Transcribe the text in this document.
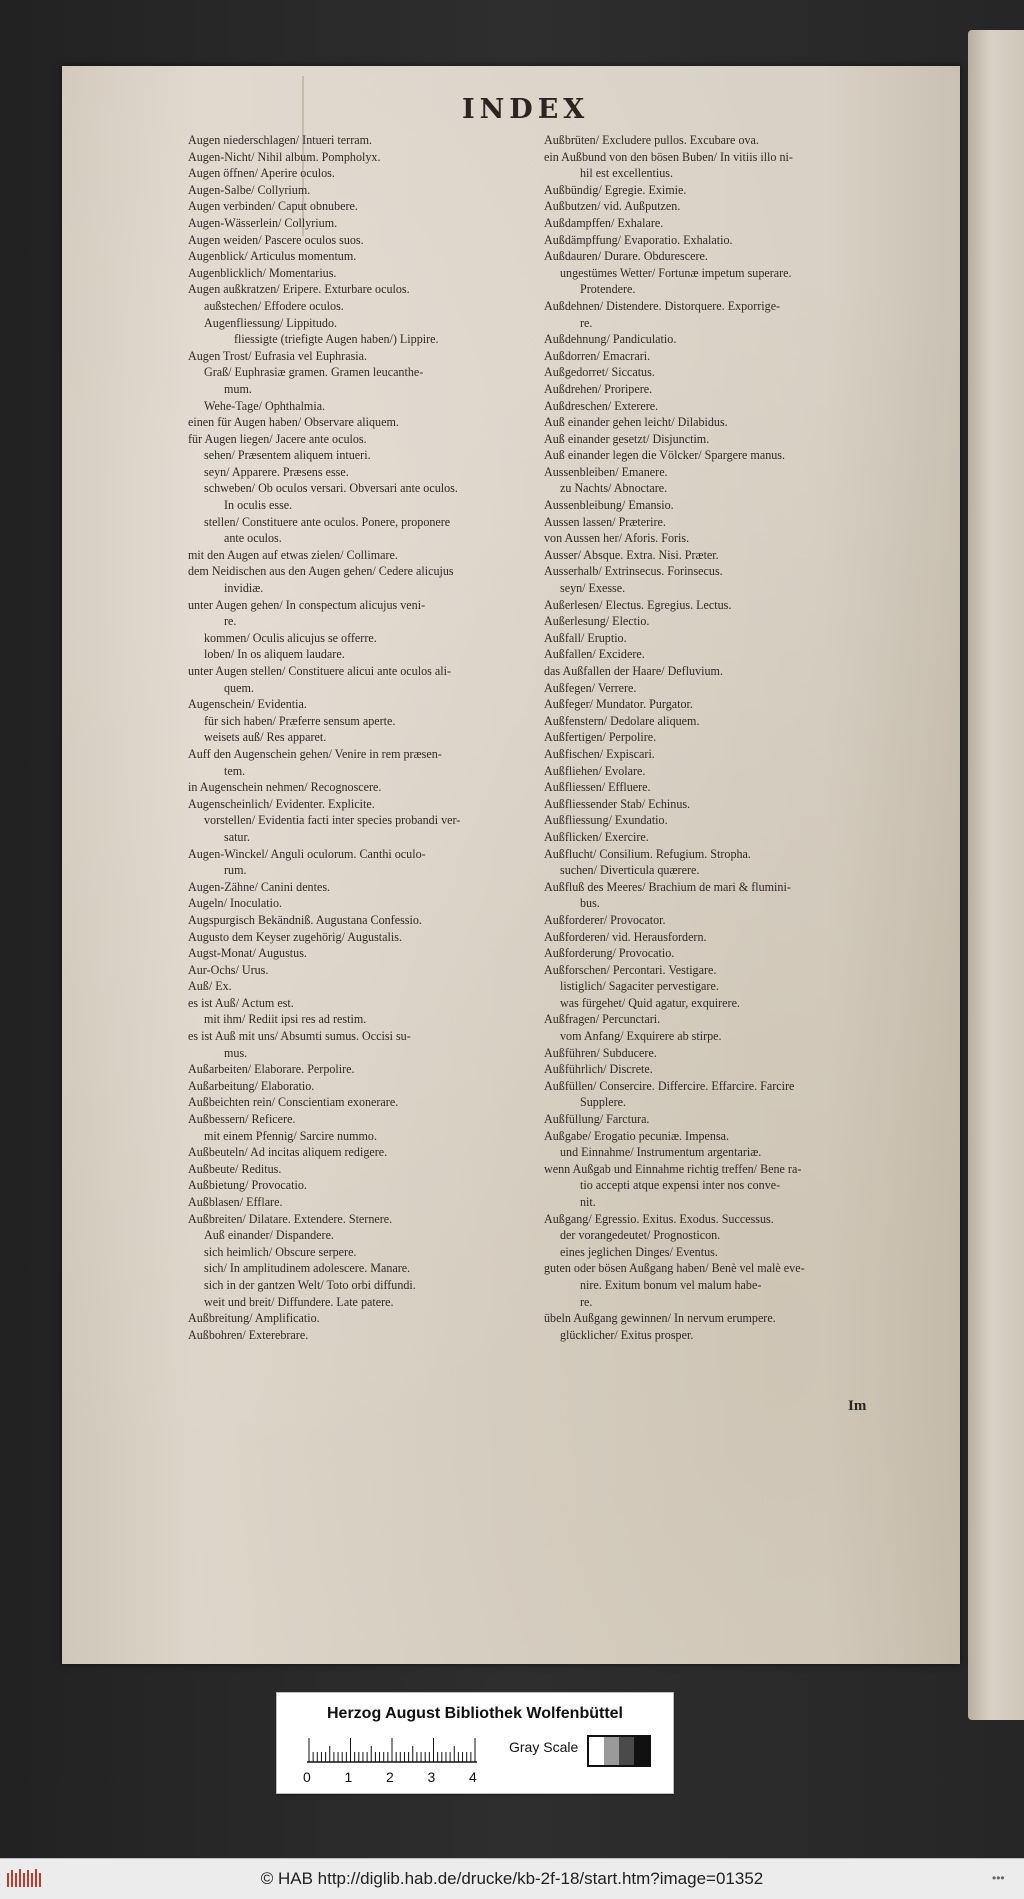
INDEX
Augen niederschlagen/ Intueri terram.
Augen-Nicht/ Nihil album. Pompholyx.
Augen öffnen/ Aperire oculos.
Augen-Salbe/ Collyrium.
Augen verbinden/ Caput obnubere.
Augen-Wässerlein/ Collyrium.
Augen weiden/ Pascere oculos suos.
Augenblick/ Articulus momentum.
Augenblicklich/ Momentarius.
Augen außkratzen/ Eripere. Exturbare oculos.
außstechen/ Effodere oculos.
Augenfliessung/ Lippitudo.
fliessigte (triefigte Augen haben/) Lippire.
Augen Trost/ Eufrasia vel Euphrasia.
Graß/ Euphrasiæ gramen. Gramen leucanthe-
mum.
Wehe-Tage/ Ophthalmia.
einen für Augen haben/ Observare aliquem.
für Augen liegen/ Jacere ante oculos.
sehen/ Præsentem aliquem intueri.
seyn/ Apparere. Præsens esse.
schweben/ Ob oculos versari. Obversari ante oculos.
In oculis esse.
stellen/ Constituere ante oculos. Ponere, proponere
ante oculos.
mit den Augen auf etwas zielen/ Collimare.
dem Neidischen aus den Augen gehen/ Cedere alicujus
invidiæ.
unter Augen gehen/ In conspectum alicujus veni-
re.
kommen/ Oculis alicujus se offerre.
loben/ In os aliquem laudare.
unter Augen stellen/ Constituere alicui ante oculos ali-
quem.
Augenschein/ Evidentia.
für sich haben/ Præferre sensum aperte.
weisets auß/ Res apparet.
Auff den Augenschein gehen/ Venire in rem præsen-
tem.
in Augenschein nehmen/ Recognoscere.
Augenscheinlich/ Evidenter. Explicite.
vorstellen/ Evidentia facti inter species probandi ver-
satur.
Augen-Winckel/ Anguli oculorum. Canthi oculo-
rum.
Augen-Zähne/ Canini dentes.
Augeln/ Inoculatio.
Augspurgisch Bekändniß. Augustana Confessio.
Augusto dem Keyser zugehörig/ Augustalis.
Augst-Monat/ Augustus.
Aur-Ochs/ Urus.
Auß/ Ex.
es ist Auß/ Actum est.
mit ihm/ Rediit ipsi res ad restim.
es ist Auß mit uns/ Absumti sumus. Occisi su-
mus.
Außarbeiten/ Elaborare. Perpolire.
Außarbeitung/ Elaboratio.
Außbeichten rein/ Conscientiam exonerare.
Außbessern/ Reficere.
mit einem Pfennig/ Sarcire nummo.
Außbeuteln/ Ad incitas aliquem redigere.
Außbeute/ Reditus.
Außbietung/ Provocatio.
Außblasen/ Efflare.
Außbreiten/ Dilatare. Extendere. Sternere.
Auß einander/ Dispandere.
sich heimlich/ Obscure serpere.
sich/ In amplitudinem adolescere. Manare.
sich in der gantzen Welt/ Toto orbi diffundi.
weit und breit/ Diffundere. Late patere.
Außbreitung/ Amplificatio.
Außbohren/ Exterebrare.
Außbrüten/ Excludere pullos. Excubare ova.
ein Außbund von den bösen Buben/ In vitiis illo ni-
hil est excellentius.
Außbündig/ Egregie. Eximie.
Außbutzen/ vid. Außputzen.
Außdampffen/ Exhalare.
Außdämpffung/ Evaporatio. Exhalatio.
Außdauren/ Durare. Obdurescere.
ungestümes Wetter/ Fortunæ impetum superare.
Protendere.
Außdehnen/ Distendere. Distorquere. Exporrige-
re.
Außdehnung/ Pandiculatio.
Außdorren/ Emacrari.
Außgedorret/ Siccatus.
Außdrehen/ Proripere.
Außdreschen/ Exterere.
Auß einander gehen leicht/ Dilabidus.
Auß einander gesetzt/ Disjunctim.
Auß einander legen die Völcker/ Spargere manus.
Aussenbleiben/ Emanere.
zu Nachts/ Abnoctare.
Aussenbleibung/ Emansio.
Aussen lassen/ Præterire.
von Aussen her/ Aforis. Foris.
Ausser/ Absque. Extra. Nisi. Præter.
Ausserhalb/ Extrinsecus. Forinsecus.
seyn/ Exesse.
Außerlesen/ Electus. Egregius. Lectus.
Außerlesung/ Electio.
Außfall/ Eruptio.
Außfallen/ Excidere.
das Außfallen der Haare/ Defluvium.
Außfegen/ Verrere.
Außfeger/ Mundator. Purgator.
Außfenstern/ Dedolare aliquem.
Außfertigen/ Perpolire.
Außfischen/ Expiscari.
Außfliehen/ Evolare.
Außfliessen/ Effluere.
Außfliessender Stab/ Echinus.
Außfliessung/ Exundatio.
Außflicken/ Exercire.
Außflucht/ Consilium. Refugium. Stropha.
suchen/ Diverticula quærere.
Außfluß des Meeres/ Brachium de mari & flumini-
bus.
Außforderer/ Provocator.
Außforderen/ vid. Herausfordern.
Außforderung/ Provocatio.
Außforschen/ Percontari. Vestigare.
listiglich/ Sagaciter pervestigare.
was fürgehet/ Quid agatur, exquirere.
Außfragen/ Percunctari.
vom Anfang/ Exquirere ab stirpe.
Außführen/ Subducere.
Außführlich/ Discrete.
Außfüllen/ Consercire. Differcire. Effarcire. Farcire
Supplere.
Außfüllung/ Farctura.
Außgabe/ Erogatio pecuniæ. Impensa.
und Einnahme/ Instrumentum argentariæ.
wenn Außgab und Einnahme richtig treffen/ Bene ra-
tio accepti atque expensi inter nos conve-
nit.
Außgang/ Egressio. Exitus. Exodus. Successus.
der vorangedeutet/ Prognosticon.
eines jeglichen Dinges/ Eventus.
guten oder bösen Außgang haben/ Benè vel malè eve-
nire. Exitum bonum vel malum habe-
re.
übeln Außgang gewinnen/ In nervum erumpere.
glücklicher/ Exitus prosper.
Im
Herzog August Bibliothek Wolfenbüttel
0 1 2 3 4
Gray Scale
© HAB http://diglib.hab.de/drucke/kb-2f-18/start.htm?image=01352	•••
